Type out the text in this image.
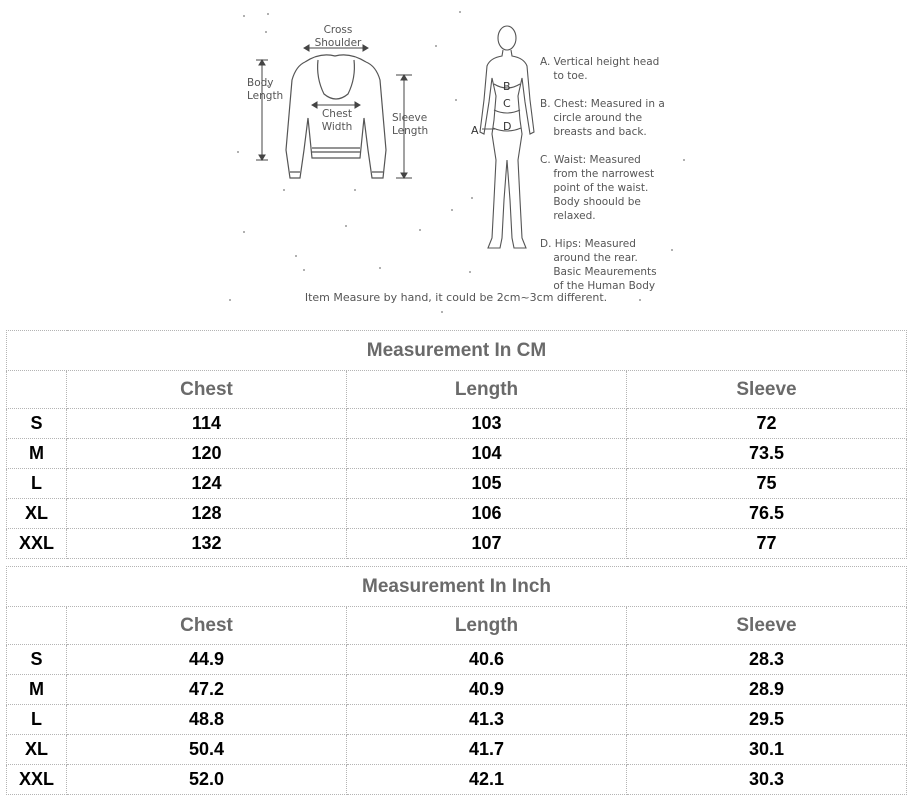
Cross
Shoulder
Body
Length
Chest
Width
Sleeve
Length	A
B
C
D

A. Vertical height head
to toe.

B. Chest: Measured in a
circle around the
breasts and back.

C. Waist: Measured
from the narrowest
point of the waist.
Body shoould be
relaxed.

D. Hips: Measured
around the rear.
Basic Meaurements
of the Human Body

Item Measure by hand, it could be 2cm~3cm different.
Measurement In CM			
	Chest	Length	Sleeve
S	114	103	72
M	120	104	73.5
L	124	105	75
XL	128	106	76.5
XXL	132	107	77
Measurement In Inch			
	Chest	Length	Sleeve
S	44.9	40.6	28.3
M	47.2	40.9	28.9
L	48.8	41.3	29.5
XL	50.4	41.7	30.1
XXL	52.0	42.1	30.3
